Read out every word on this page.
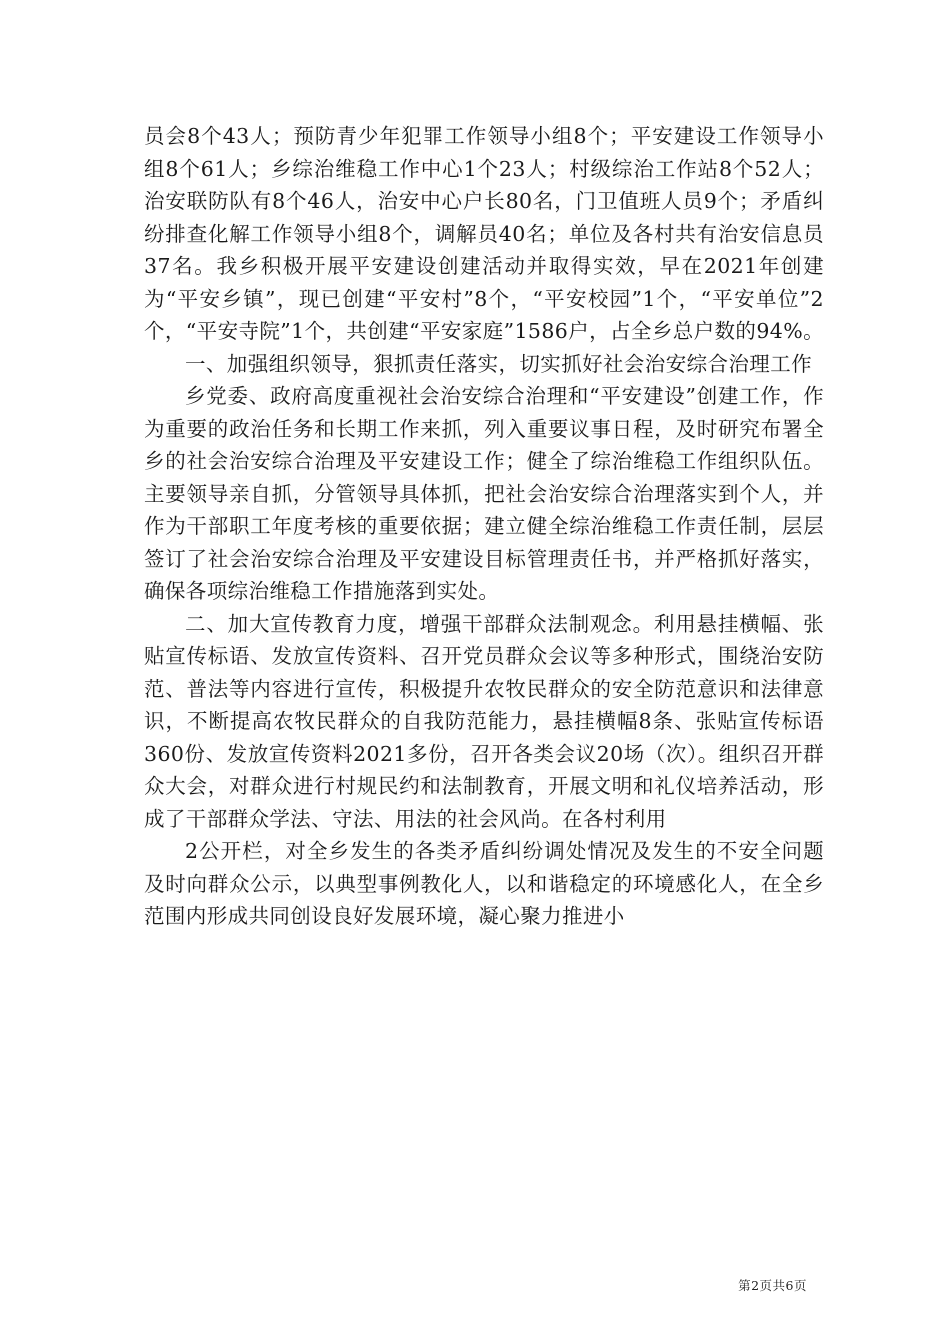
员会8个43人；预防青少年犯罪工作领导小组8个；平安建设工作领导小组8个61人；乡综治维稳工作中心1个23人；村级综治工作站8个52人；治安联防队有8个46人，治安中心户长80名，门卫值班人员9个；矛盾纠纷排查化解工作领导小组8个，调解员40名；单位及各村共有治安信息员37名。我乡积极开展平安建设创建活动并取得实效，早在2021年创建为“平安乡镇”，现已创建“平安村”8个，“平安校园”1个，“平安单位”2个，“平安寺院”1个，共创建“平安家庭”1586户，占全乡总户数的94%。

一、加强组织领导，狠抓责任落实，切实抓好社会治安综合治理工作

乡党委、政府高度重视社会治安综合治理和“平安建设”创建工作，作为重要的政治任务和长期工作来抓，列入重要议事日程，及时研究布署全乡的社会治安综合治理及平安建设工作；健全了综治维稳工作组织队伍。主要领导亲自抓，分管领导具体抓，把社会治安综合治理落实到个人，并作为干部职工年度考核的重要依据；建立健全综治维稳工作责任制，层层签订了社会治安综合治理及平安建设目标管理责任书，并严格抓好落实，确保各项综治维稳工作措施落到实处。

二、加大宣传教育力度，增强干部群众法制观念。利用悬挂横幅、张贴宣传标语、发放宣传资料、召开党员群众会议等多种形式，围绕治安防范、普法等内容进行宣传，积极提升农牧民群众的安全防范意识和法律意识，不断提高农牧民群众的自我防范能力，悬挂横幅8条、张贴宣传标语360份、发放宣传资料2021多份，召开各类会议20场（次）。组织召开群众大会，对群众进行村规民约和法制教育，开展文明和礼仪培养活动，形成了干部群众学法、守法、用法的社会风尚。在各村利用

2公开栏，对全乡发生的各类矛盾纠纷调处情况及发生的不安全问题及时向群众公示，以典型事例教化人，以和谐稳定的环境感化人，在全乡范围内形成共同创设良好发展环境，凝心聚力推进小

第2页共6页
